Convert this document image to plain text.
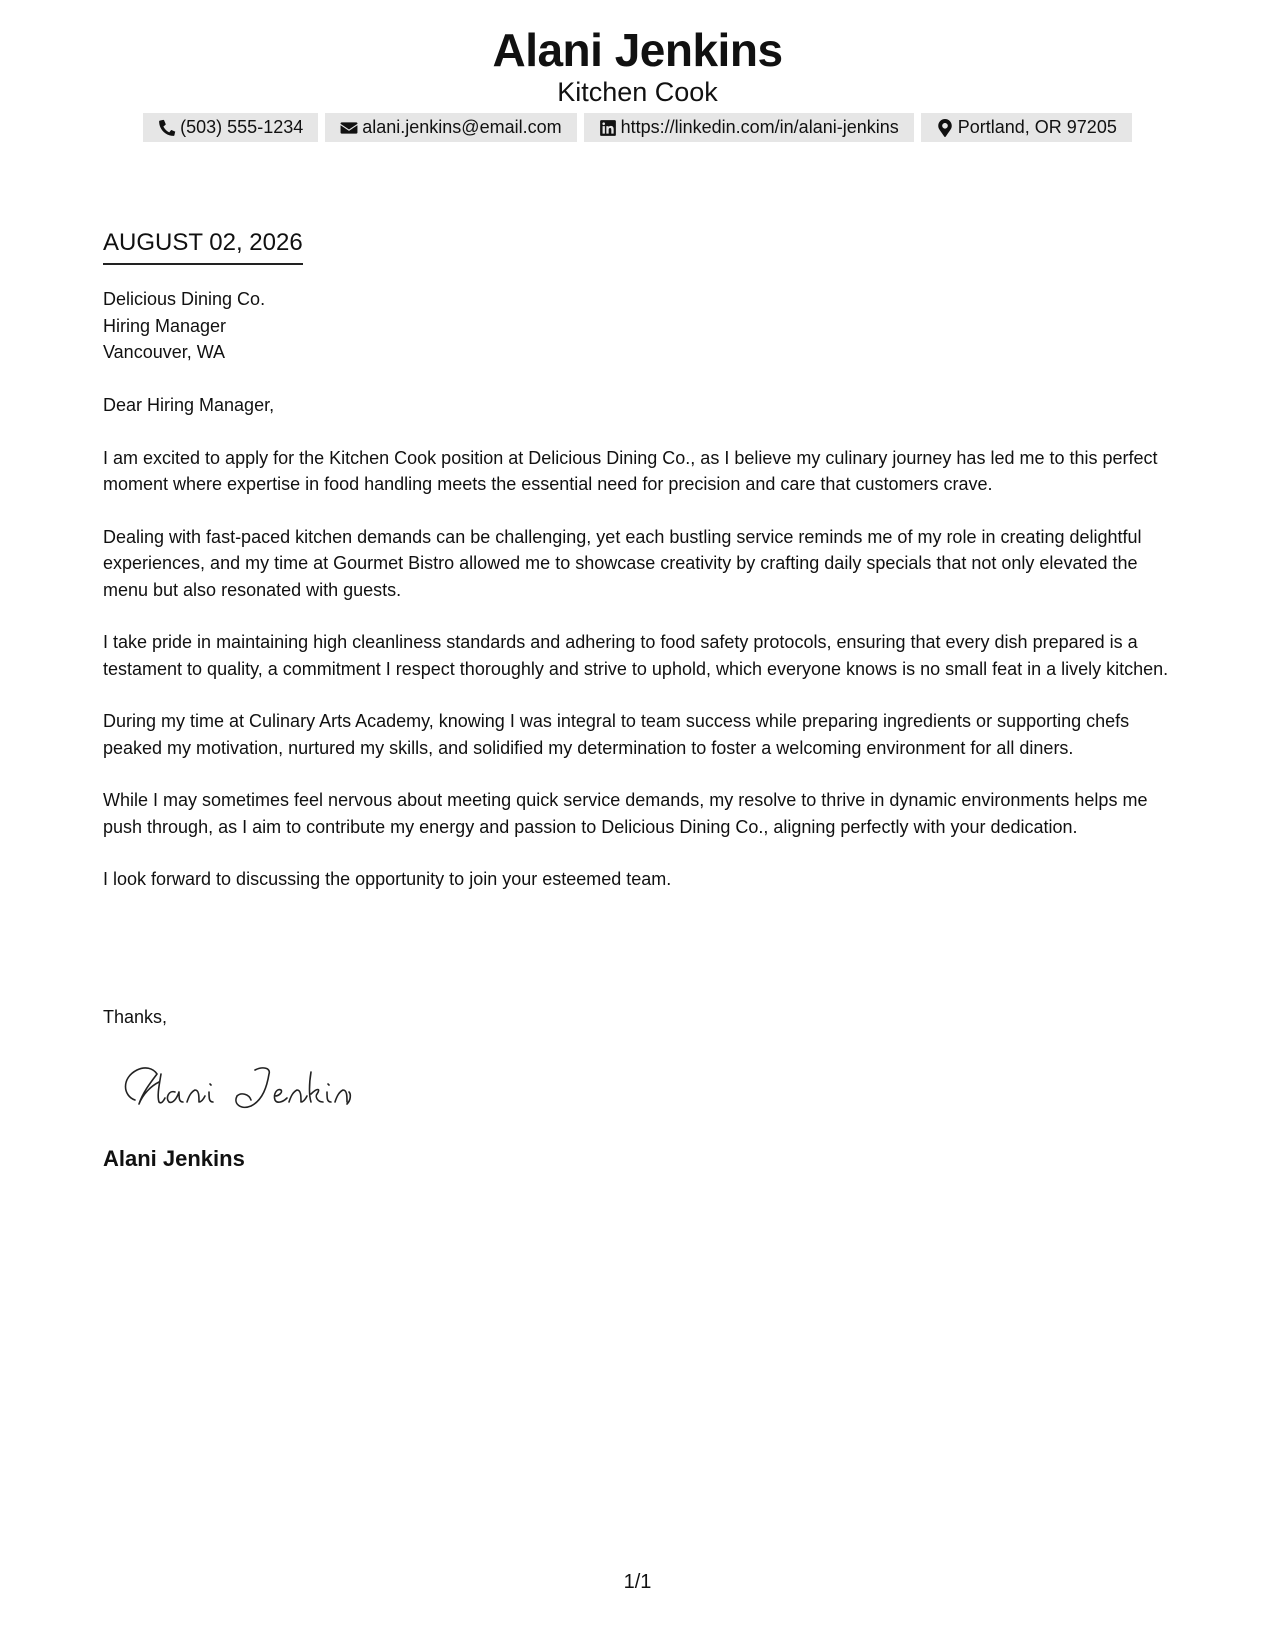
Alani Jenkins
Kitchen Cook
(503) 555-1234	alani.jenkins@email.com	https://linkedin.com/in/alani-jenkins	Portland, OR 97205
AUGUST 02, 2026
Delicious Dining Co.
Hiring Manager
Vancouver, WA

Dear Hiring Manager,

I am excited to apply for the Kitchen Cook position at Delicious Dining Co., as I believe my culinary journey has led me to this perfect moment where expertise in food handling meets the essential need for precision and care that customers crave.

Dealing with fast-paced kitchen demands can be challenging, yet each bustling service reminds me of my role in creating delightful experiences, and my time at Gourmet Bistro allowed me to showcase creativity by crafting daily specials that not only elevated the menu but also resonated with guests.

I take pride in maintaining high cleanliness standards and adhering to food safety protocols, ensuring that every dish prepared is a testament to quality, a commitment I respect thoroughly and strive to uphold, which everyone knows is no small feat in a lively kitchen.

During my time at Culinary Arts Academy, knowing I was integral to team success while preparing ingredients or supporting chefs peaked my motivation, nurtured my skills, and solidified my determination to foster a welcoming environment for all diners.

While I may sometimes feel nervous about meeting quick service demands, my resolve to thrive in dynamic environments helps me push through, as I aim to contribute my energy and passion to Delicious Dining Co., aligning perfectly with your dedication.

I look forward to discussing the opportunity to join your esteemed team.

Thanks,
Alani Jenkins
1/1
